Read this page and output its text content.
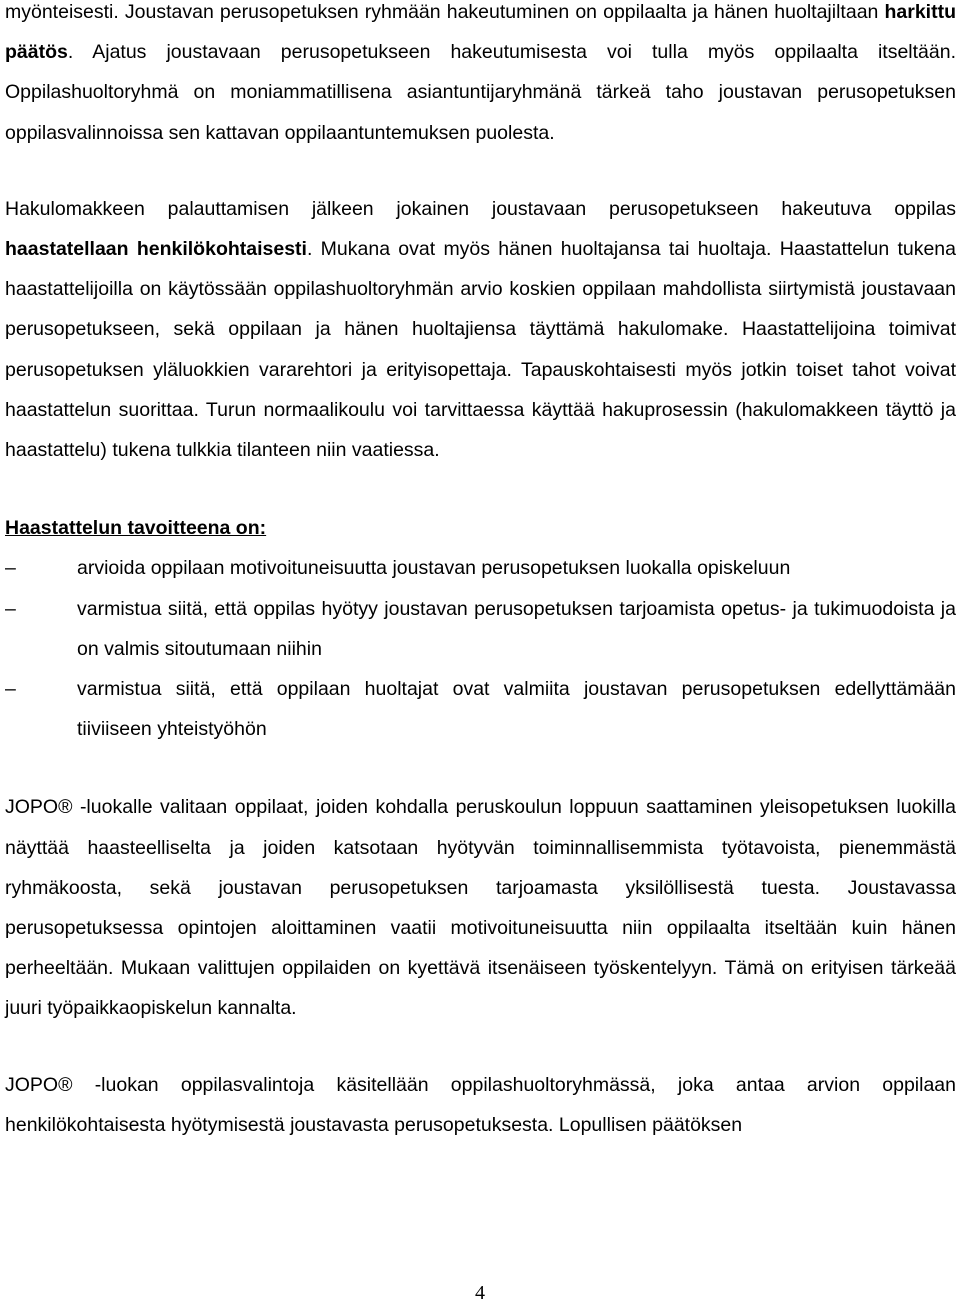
myönteisesti. Joustavan perusopetuksen ryhmään hakeutuminen on oppilaalta ja hänen huoltajiltaan harkittu päätös. Ajatus joustavaan perusopetukseen hakeutumisesta voi tulla myös oppilaalta itseltään. Oppilashuoltoryhmä on moniammatillisena asiantuntijaryhmänä tärkeä taho joustavan perusopetuksen oppilasvalinnoissa sen kattavan oppilaantuntemuksen puolesta.

Hakulomakkeen palauttamisen jälkeen jokainen joustavaan perusopetukseen hakeutuva oppilas haastatellaan henkilökohtaisesti. Mukana ovat myös hänen huoltajansa tai huoltaja. Haastattelun tukena haastattelijoilla on käytössään oppilashuoltoryhmän arvio koskien oppilaan mahdollista siirtymistä joustavaan perusopetukseen, sekä oppilaan ja hänen huoltajiensa täyttämä hakulomake. Haastattelijoina toimivat perusopetuksen yläluokkien vararehtori ja erityisopettaja. Tapauskohtaisesti myös jotkin toiset tahot voivat haastattelun suorittaa. Turun normaalikoulu voi tarvittaessa käyttää hakuprosessin (hakulomakkeen täyttö ja haastattelu) tukena tulkkia tilanteen niin vaatiessa.

Haastattelun tavoitteena on:

–	arvioida oppilaan motivoituneisuutta joustavan perusopetuksen luokalla opiskeluun
–	varmistua siitä, että oppilas hyötyy joustavan perusopetuksen tarjoamista opetus- ja tukimuodoista ja on valmis sitoutumaan niihin
–	varmistua siitä, että oppilaan huoltajat ovat valmiita joustavan perusopetuksen edellyttämään tiiviiseen yhteistyöhön

JOPO® -luokalle valitaan oppilaat, joiden kohdalla peruskoulun loppuun saattaminen yleisopetuksen luokilla näyttää haasteelliselta ja joiden katsotaan hyötyvän toiminnallisemmista työtavoista, pienemmästä ryhmäkoosta, sekä joustavan perusopetuksen tarjoamasta yksilöllisestä tuesta. Joustavassa perusopetuksessa opintojen aloittaminen vaatii motivoituneisuutta niin oppilaalta itseltään kuin hänen perheeltään. Mukaan valittujen oppilaiden on kyettävä itsenäiseen työskentelyyn. Tämä on erityisen tärkeää juuri työpaikkaopiskelun kannalta.

JOPO® -luokan oppilasvalintoja käsitellään oppilashuoltoryhmässä, joka antaa arvion oppilaan henkilökohtaisesta hyötymisestä joustavasta perusopetuksesta. Lopullisen päätöksen

4
